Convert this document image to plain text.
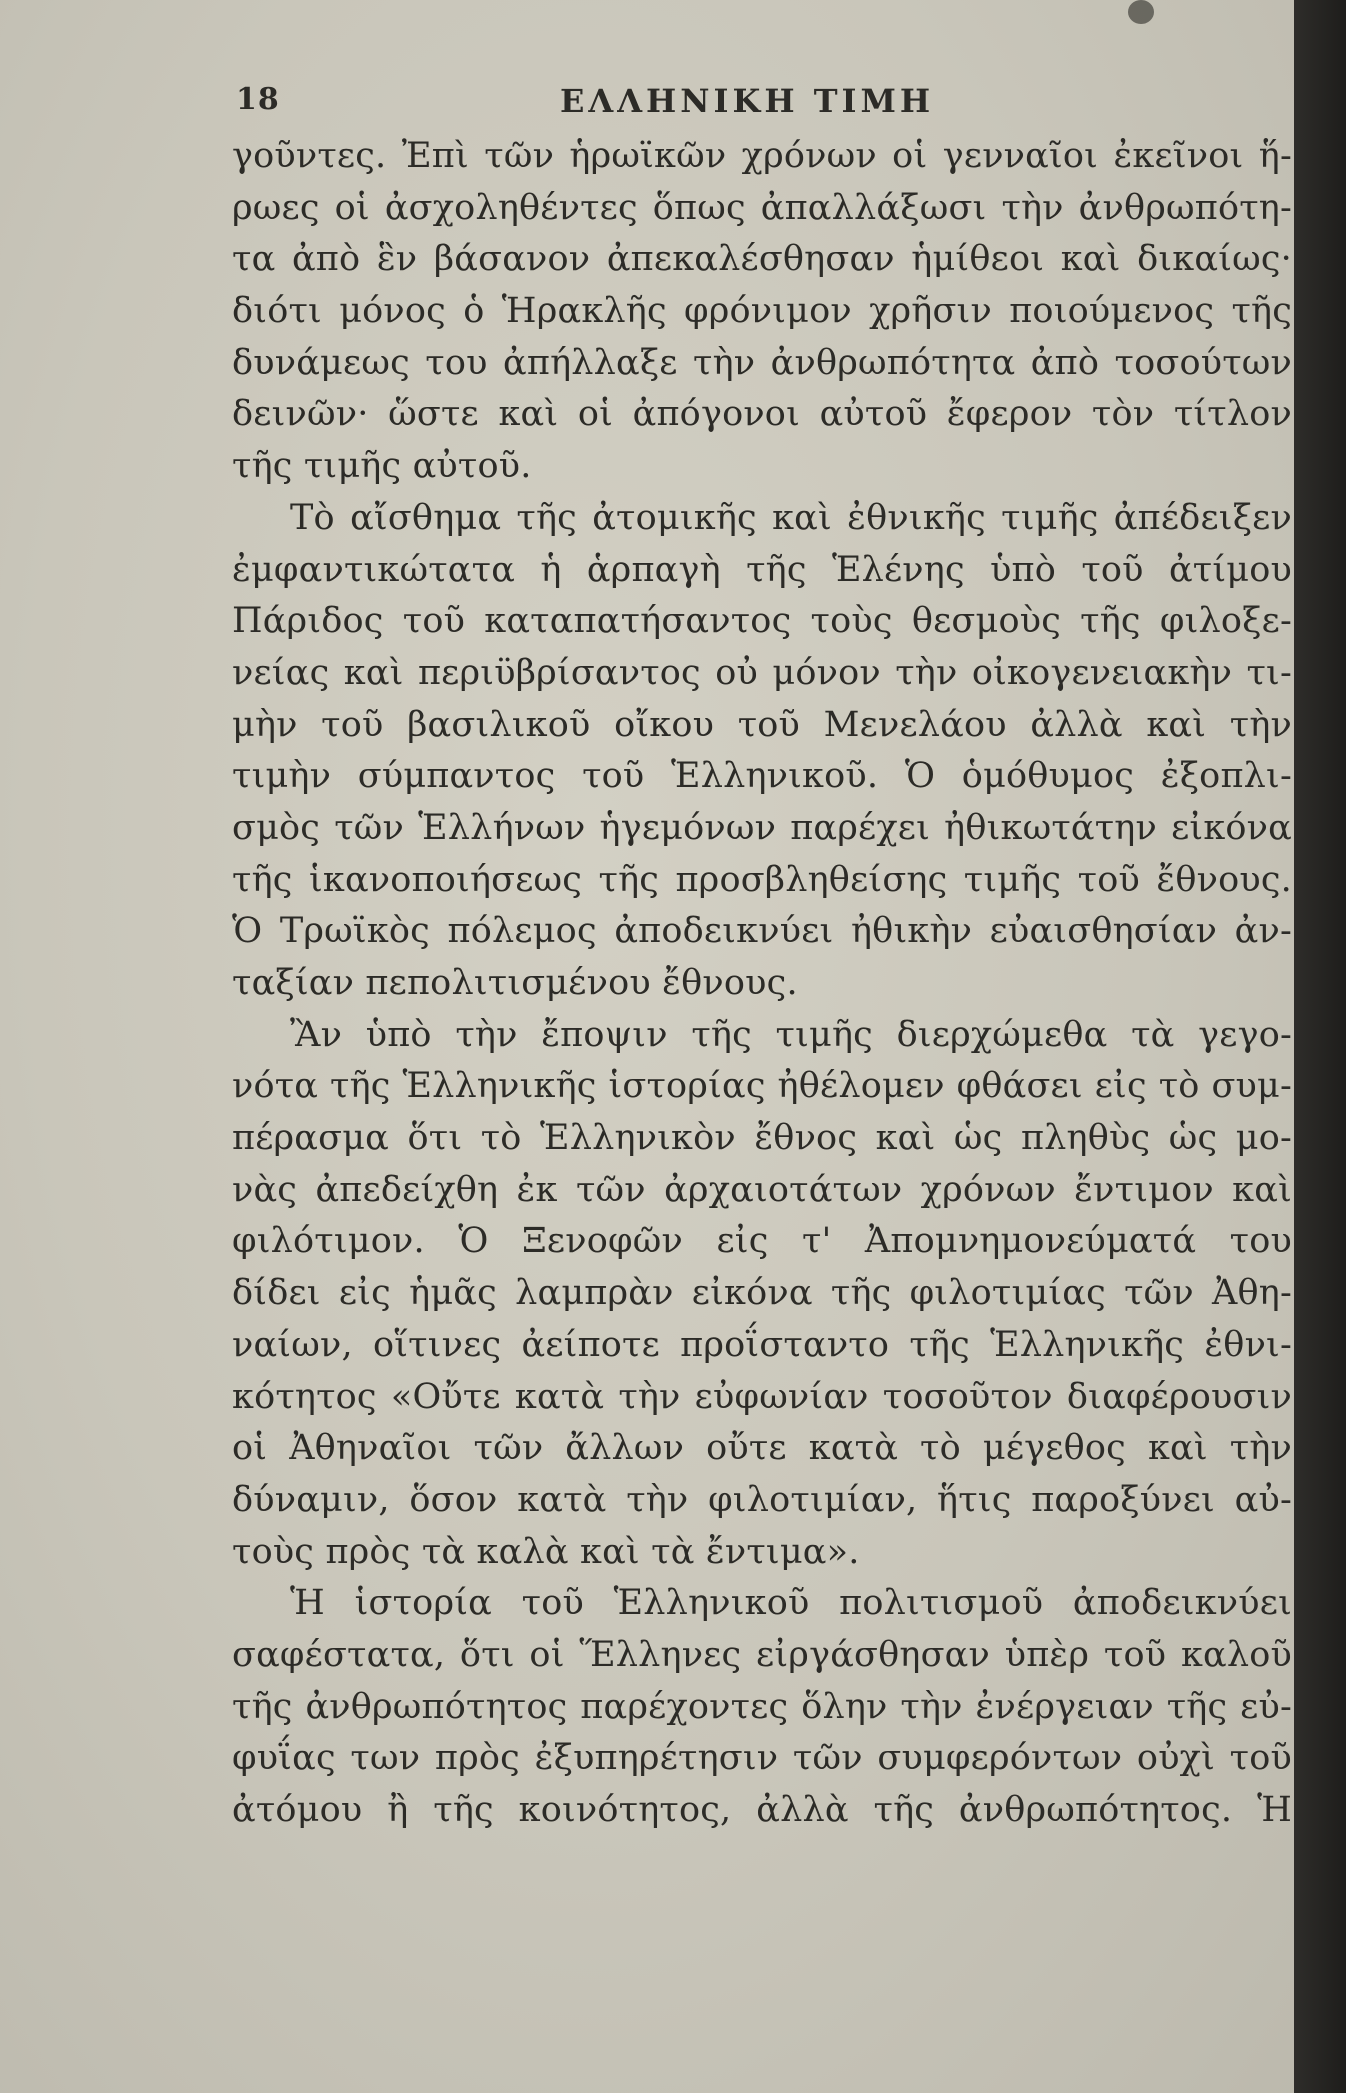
18	ΕΛΛΗΝΙΚΗ ΤΙΜΗ
γοῦντες. Ἐπὶ τῶν ἡρωϊκῶν χρόνων οἱ γενναῖοι ἐκεῖνοι ἥ-
ρωες οἱ ἀσχοληθέντες ὅπως ἀπαλλάξωσι τὴν ἀνθρωπότη-
τα ἀπὸ ἓν βάσανον ἀπεκαλέσθησαν ἡμίθεοι καὶ δικαίως·
διότι μόνος ὁ Ἡρακλῆς φρόνιμον χρῆσιν ποιούμενος τῆς
δυνάμεως του ἀπήλλαξε τὴν ἀνθρωπότητα ἀπὸ τοσούτων
δεινῶν· ὥστε καὶ οἱ ἀπόγονοι αὐτοῦ ἔφερον τὸν τίτλον
τῆς τιμῆς αὐτοῦ.
Τὸ αἴσθημα τῆς ἀτομικῆς καὶ ἐθνικῆς τιμῆς ἀπέδειξεν
ἐμφαντικώτατα ἡ ἁρπαγὴ τῆς Ἑλένης ὑπὸ τοῦ ἀτίμου
Πάριδος τοῦ καταπατήσαντος τοὺς θεσμοὺς τῆς φιλοξε-
νείας καὶ περιϋβρίσαντος οὐ μόνον τὴν οἰκογενειακὴν τι-
μὴν τοῦ βασιλικοῦ οἴκου τοῦ Μενελάου ἀλλὰ καὶ τὴν
τιμὴν σύμπαντος τοῦ Ἑλληνικοῦ. Ὁ ὁμόθυμος ἐξοπλι-
σμὸς τῶν Ἑλλήνων ἡγεμόνων παρέχει ἠθικωτάτην εἰκόνα
τῆς ἱκανοποιήσεως τῆς προσβληθείσης τιμῆς τοῦ ἔθνους.
Ὁ Τρωϊκὸς πόλεμος ἀποδεικνύει ἠθικὴν εὐαισθησίαν ἀν-
ταξίαν πεπολιτισμένου ἔθνους.
Ἂν ὑπὸ τὴν ἔποψιν τῆς τιμῆς διερχώμεθα τὰ γεγο-
νότα τῆς Ἑλληνικῆς ἱστορίας ἠθέλομεν φθάσει εἰς τὸ συμ-
πέρασμα ὅτι τὸ Ἑλληνικὸν ἔθνος καὶ ὡς πληθὺς ὡς μο-
νὰς ἀπεδείχθη ἐκ τῶν ἀρχαιοτάτων χρόνων ἔντιμον καὶ
φιλότιμον. Ὁ Ξενοφῶν εἰς τ' Ἀπομνημονεύματά του
δίδει εἰς ἡμᾶς λαμπρὰν εἰκόνα τῆς φιλοτιμίας τῶν Ἀθη-
ναίων, οἵτινες ἀείποτε προΐσταντο τῆς Ἑλληνικῆς ἐθνι-
κότητος «Οὔτε κατὰ τὴν εὐφωνίαν τοσοῦτον διαφέρουσιν
οἱ Ἀθηναῖοι τῶν ἄλλων οὔτε κατὰ τὸ μέγεθος καὶ τὴν
δύναμιν, ὅσον κατὰ τὴν φιλοτιμίαν, ἥτις παροξύνει αὐ-
τοὺς πρὸς τὰ καλὰ καὶ τὰ ἔντιμα».
Ἡ ἱστορία τοῦ Ἑλληνικοῦ πολιτισμοῦ ἀποδεικνύει
σαφέστατα, ὅτι οἱ Ἕλληνες εἰργάσθησαν ὑπὲρ τοῦ καλοῦ
τῆς ἀνθρωπότητος παρέχοντες ὅλην τὴν ἐνέργειαν τῆς εὐ-
φυΐας των πρὸς ἐξυπηρέτησιν τῶν συμφερόντων οὐχὶ τοῦ
ἀτόμου ἢ τῆς κοινότητος, ἀλλὰ τῆς ἀνθρωπότητος. Ἡ
